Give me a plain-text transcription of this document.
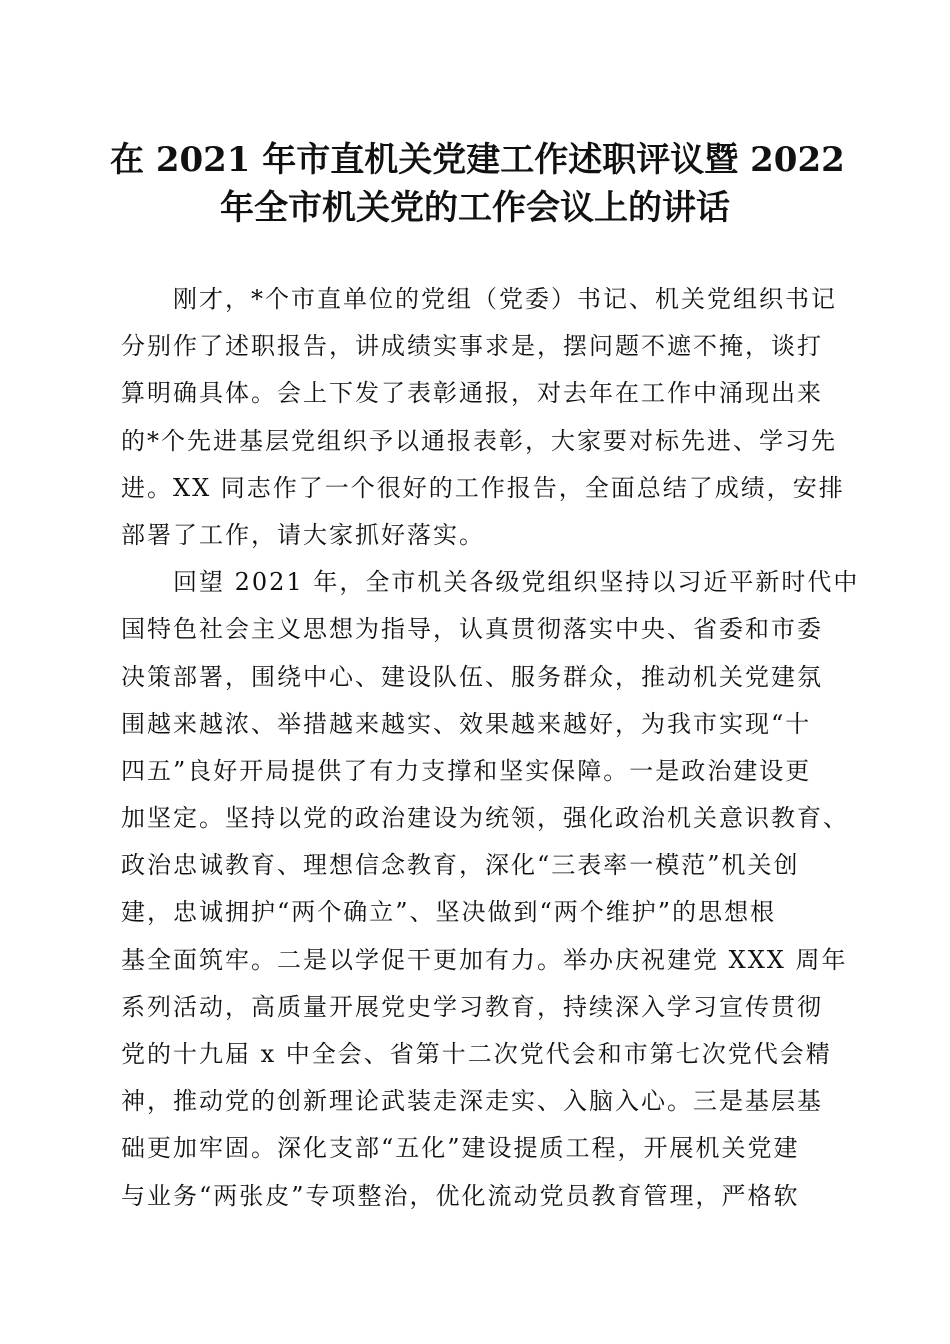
在 2021 年市直机关党建工作述职评议暨 2022
年全市机关党的工作会议上的讲话
　　刚才，*个市直单位的党组（党委）书记、机关党组织书记
分别作了述职报告，讲成绩实事求是，摆问题不遮不掩，谈打
算明确具体。会上下发了表彰通报，对去年在工作中涌现出来
的*个先进基层党组织予以通报表彰，大家要对标先进、学习先
进。XX 同志作了一个很好的工作报告，全面总结了成绩，安排
部署了工作，请大家抓好落实。
　　回望 2021 年，全市机关各级党组织坚持以习近平新时代中
国特色社会主义思想为指导，认真贯彻落实中央、省委和市委
决策部署，围绕中心、建设队伍、服务群众，推动机关党建氛
围越来越浓、举措越来越实、效果越来越好，为我市实现“十
四五”良好开局提供了有力支撑和坚实保障。一是政治建设更
加坚定。坚持以党的政治建设为统领，强化政治机关意识教育、
政治忠诚教育、理想信念教育，深化“三表率一模范”机关创
建，忠诚拥护“两个确立”、坚决做到“两个维护”的思想根
基全面筑牢。二是以学促干更加有力。举办庆祝建党 XXX 周年
系列活动，高质量开展党史学习教育，持续深入学习宣传贯彻
党的十九届 x 中全会、省第十二次党代会和市第七次党代会精
神，推动党的创新理论武装走深走实、入脑入心。三是基层基
础更加牢固。深化支部“五化”建设提质工程，开展机关党建
与业务“两张皮”专项整治，优化流动党员教育管理，严格软
